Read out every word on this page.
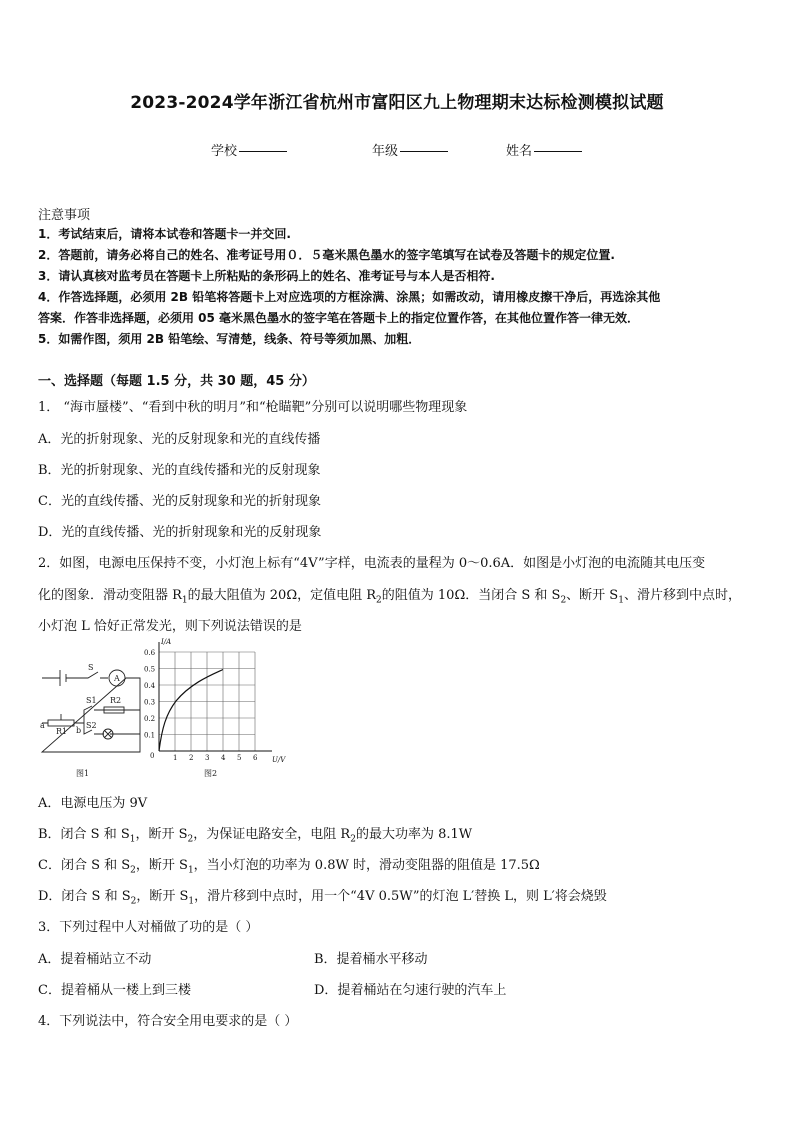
2023-2024学年浙江省杭州市富阳区九上物理期末达标检测模拟试题
学校	年级	姓名
注意事项
1．考试结束后，请将本试卷和答题卡一并交回.
2．答题前，请务必将自己的姓名、准考证号用０．５毫米黑色墨水的签字笔填写在试卷及答题卡的规定位置.
3．请认真核对监考员在答题卡上所粘贴的条形码上的姓名、准考证号与本人是否相符.
4．作答选择题，必须用 2B 铅笔将答题卡上对应选项的方框涂满、涂黑；如需改动，请用橡皮擦干净后，再选涂其他
答案．作答非选择题，必须用 05 毫米黑色墨水的签字笔在答题卡上的指定位置作答，在其他位置作答一律无效．
5．如需作图，须用 2B 铅笔绘、写清楚，线条、符号等须加黑、加粗．
一、选择题（每题 1.5 分，共 30 题，45 分）
1． “海市蜃楼”、“看到中秋的明月”和“枪瞄靶”分别可以说明哪些物理现象
A．光的折射现象、光的反射现象和光的直线传播
B．光的折射现象、光的直线传播和光的反射现象
C．光的直线传播、光的反射现象和光的折射现象
D．光的直线传播、光的折射现象和光的反射现象
2．如图，电源电压保持不变，小灯泡上标有“4V”字样，电流表的量程为 0～0.6A．如图是小灯泡的电流随其电压变
化的图象．滑动变阻器 $R_1$的最大阻值为 20Ω，定值电阻 $R_2$的阻值为 10Ω．当闭合 S 和 $S_2$、断开 $S_1$、滑片移到中点时，
小灯泡 L 恰好正常发光，则下列说法错误的是
S
A
S1 R2
S2
R1
a
b
图1	图2
I/A
U/V
0.6
0.5
0.4
0.3
0.2
0.1
0	1 2 3 4 5 6
A．电源电压为 9V
B．闭合 S 和 $S_1$，断开 $S_2$，为保证电路安全，电阻 $R_2$的最大功率为 8.1W
C．闭合 S 和 $S_2$，断开 $S_1$，当小灯泡的功率为 0.8W 时，滑动变阻器的阻值是 17.5Ω
D．闭合 S 和 $S_2$，断开 $S_1$，滑片移到中点时，用一个“4V 0.5W”的灯泡 L′替换 L，则 L′将会烧毁
3．下列过程中人对桶做了功的是（ ）
A．提着桶站立不动	B．提着桶水平移动
C．提着桶从一楼上到三楼	D．提着桶站在匀速行驶的汽车上
4．下列说法中，符合安全用电要求的是（ ）
